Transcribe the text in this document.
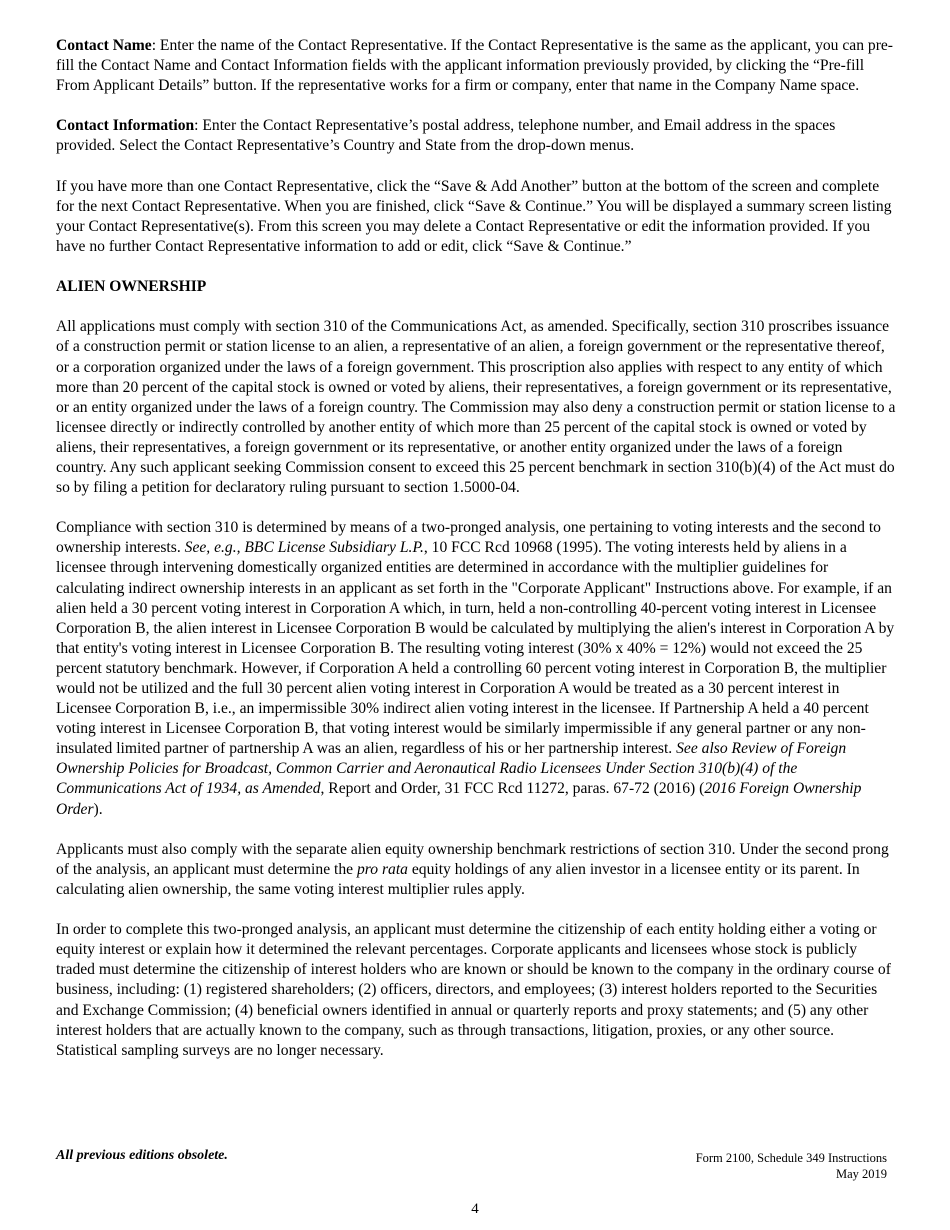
Contact Name: Enter the name of the Contact Representative. If the Contact Representative is the same as the applicant, you can pre-fill the Contact Name and Contact Information fields with the applicant information previously provided, by clicking the “Pre-fill From Applicant Details” button. If the representative works for a firm or company, enter that name in the Company Name space.

Contact Information: Enter the Contact Representative’s postal address, telephone number, and Email address in the spaces provided. Select the Contact Representative’s Country and State from the drop-down menus.

If you have more than one Contact Representative, click the “Save & Add Another” button at the bottom of the screen and complete for the next Contact Representative. When you are finished, click “Save & Continue.” You will be displayed a summary screen listing your Contact Representative(s). From this screen you may delete a Contact Representative or edit the information provided. If you have no further Contact Representative information to add or edit, click “Save & Continue.”

ALIEN OWNERSHIP

All applications must comply with section 310 of the Communications Act, as amended. Specifically, section 310 proscribes issuance of a construction permit or station license to an alien, a representative of an alien, a foreign government or the representative thereof, or a corporation organized under the laws of a foreign government. This proscription also applies with respect to any entity of which more than 20 percent of the capital stock is owned or voted by aliens, their representatives, a foreign government or its representative, or an entity organized under the laws of a foreign country. The Commission may also deny a construction permit or station license to a licensee directly or indirectly controlled by another entity of which more than 25 percent of the capital stock is owned or voted by aliens, their representatives, a foreign government or its representative, or another entity organized under the laws of a foreign country. Any such applicant seeking Commission consent to exceed this 25 percent benchmark in section 310(b)(4) of the Act must do so by filing a petition for declaratory ruling pursuant to section 1.5000-04.

Compliance with section 310 is determined by means of a two-pronged analysis, one pertaining to voting interests and the second to ownership interests. See, e.g., BBC License Subsidiary L.P., 10 FCC Rcd 10968 (1995). The voting interests held by aliens in a licensee through intervening domestically organized entities are determined in accordance with the multiplier guidelines for calculating indirect ownership interests in an applicant as set forth in the "Corporate Applicant" Instructions above. For example, if an alien held a 30 percent voting interest in Corporation A which, in turn, held a non-controlling 40-percent voting interest in Licensee Corporation B, the alien interest in Licensee Corporation B would be calculated by multiplying the alien's interest in Corporation A by that entity's voting interest in Licensee Corporation B. The resulting voting interest (30% x 40% = 12%) would not exceed the 25 percent statutory benchmark. However, if Corporation A held a controlling 60 percent voting interest in Corporation B, the multiplier would not be utilized and the full 30 percent alien voting interest in Corporation A would be treated as a 30 percent interest in Licensee Corporation B, i.e., an impermissible 30% indirect alien voting interest in the licensee. If Partnership A held a 40 percent voting interest in Licensee Corporation B, that voting interest would be similarly impermissible if any general partner or any non-insulated limited partner of partnership A was an alien, regardless of his or her partnership interest. See also Review of Foreign Ownership Policies for Broadcast, Common Carrier and Aeronautical Radio Licensees Under Section 310(b)(4) of the Communications Act of 1934, as Amended, Report and Order, 31 FCC Rcd 11272, paras. 67-72 (2016) (2016 Foreign Ownership Order).

Applicants must also comply with the separate alien equity ownership benchmark restrictions of section 310. Under the second prong of the analysis, an applicant must determine the pro rata equity holdings of any alien investor in a licensee entity or its parent. In calculating alien ownership, the same voting interest multiplier rules apply.

In order to complete this two-pronged analysis, an applicant must determine the citizenship of each entity holding either a voting or equity interest or explain how it determined the relevant percentages. Corporate applicants and licensees whose stock is publicly traded must determine the citizenship of interest holders who are known or should be known to the company in the ordinary course of business, including: (1) registered shareholders; (2) officers, directors, and employees; (3) interest holders reported to the Securities and Exchange Commission; (4) beneficial owners identified in annual or quarterly reports and proxy statements; and (5) any other interest holders that are actually known to the company, such as through transactions, litigation, proxies, or any other source. Statistical sampling surveys are no longer necessary.

All previous editions obsolete.	Form 2100, Schedule 349 Instructions
May 2019
4
